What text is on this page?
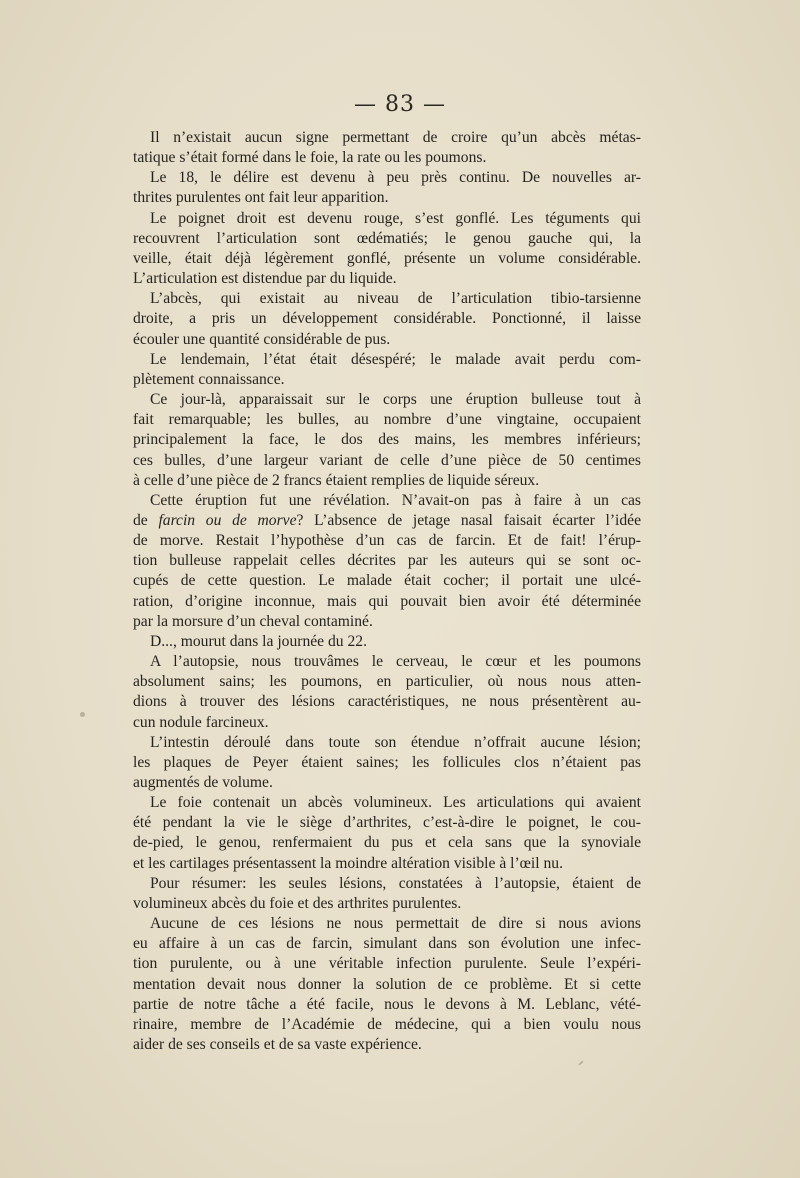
— 83 —

Il n’existait aucun signe permettant de croire qu’un abcès métas-
tatique s’était formé dans le foie, la rate ou les poumons.

Le 18, le délire est devenu à peu près continu. De nouvelles ar-
thrites purulentes ont fait leur apparition.

Le poignet droit est devenu rouge, s’est gonflé. Les téguments qui
recouvrent l’articulation sont œdématiés; le genou gauche qui, la
veille, était déjà légèrement gonflé, présente un volume considérable.
L’articulation est distendue par du liquide.

L’abcès, qui existait au niveau de l’articulation tibio-tarsienne
droite, a pris un développement considérable. Ponctionné, il laisse
écouler une quantité considérable de pus.

Le lendemain, l’état était désespéré; le malade avait perdu com-
plètement connaissance.

Ce jour-là, apparaissait sur le corps une éruption bulleuse tout à
fait remarquable; les bulles, au nombre d’une vingtaine, occupaient
principalement la face, le dos des mains, les membres inférieurs;
ces bulles, d’une largeur variant de celle d’une pièce de 50 centimes
à celle d’une pièce de 2 francs étaient remplies de liquide séreux.

Cette éruption fut une révélation. N’avait-on pas à faire à un cas
de farcin ou de morve? L’absence de jetage nasal faisait écarter l’idée
de morve. Restait l’hypothèse d’un cas de farcin. Et de fait! l’érup-
tion bulleuse rappelait celles décrites par les auteurs qui se sont oc-
cupés de cette question. Le malade était cocher; il portait une ulcé-
ration, d’origine inconnue, mais qui pouvait bien avoir été déterminée
par la morsure d’un cheval contaminé.

D..., mourut dans la journée du 22.

A l’autopsie, nous trouvâmes le cerveau, le cœur et les poumons
absolument sains; les poumons, en particulier, où nous nous atten-
dions à trouver des lésions caractéristiques, ne nous présentèrent au-
cun nodule farcineux.

L’intestin déroulé dans toute son étendue n’offrait aucune lésion;
les plaques de Peyer étaient saines; les follicules clos n’étaient pas
augmentés de volume.

Le foie contenait un abcès volumineux. Les articulations qui avaient
été pendant la vie le siège d’arthrites, c’est-à-dire le poignet, le cou-
de-pied, le genou, renfermaient du pus et cela sans que la synoviale
et les cartilages présentassent la moindre altération visible à l’œil nu.

Pour résumer: les seules lésions, constatées à l’autopsie, étaient de
volumineux abcès du foie et des arthrites purulentes.

Aucune de ces lésions ne nous permettait de dire si nous avions
eu affaire à un cas de farcin, simulant dans son évolution une infec-
tion purulente, ou à une véritable infection purulente. Seule l’expéri-
mentation devait nous donner la solution de ce problème. Et si cette
partie de notre tâche a été facile, nous le devons à M. Leblanc, vété-
rinaire, membre de l’Académie de médecine, qui a bien voulu nous
aider de ses conseils et de sa vaste expérience.
